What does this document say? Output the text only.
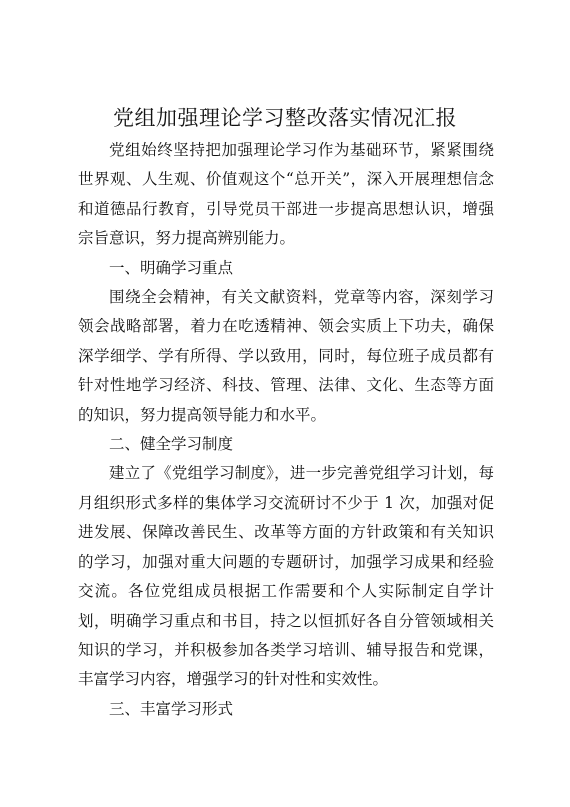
党组加强理论学习整改落实情况汇报

党组始终坚持把加强理论学习作为基础环节，紧紧围绕世界观、人生观、价值观这个“总开关”，深入开展理想信念和道德品行教育，引导党员干部进一步提高思想认识，增强宗旨意识，努力提高辨别能力。

一、明确学习重点

围绕全会精神，有关文献资料，党章等内容，深刻学习领会战略部署，着力在吃透精神、领会实质上下功夫，确保深学细学、学有所得、学以致用，同时，每位班子成员都有针对性地学习经济、科技、管理、法律、文化、生态等方面的知识，努力提高领导能力和水平。

二、健全学习制度

建立了《党组学习制度》，进一步完善党组学习计划，每月组织形式多样的集体学习交流研讨不少于 1 次，加强对促进发展、保障改善民生、改革等方面的方针政策和有关知识的学习，加强对重大问题的专题研讨，加强学习成果和经验交流。各位党组成员根据工作需要和个人实际制定自学计划，明确学习重点和书目，持之以恒抓好各自分管领域相关知识的学习，并积极参加各类学习培训、辅导报告和党课，丰富学习内容，增强学习的针对性和实效性。

三、丰富学习形式
